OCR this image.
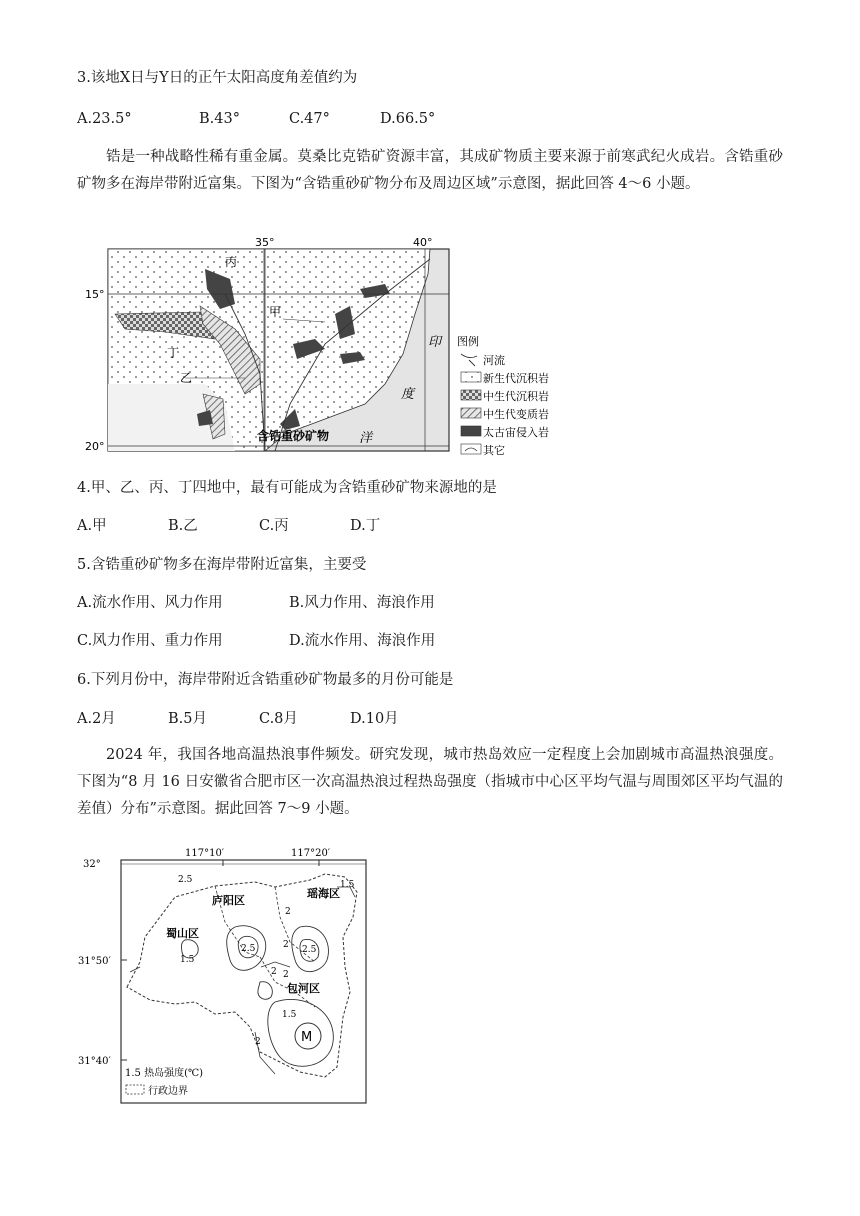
3.该地X日与Y日的正午太阳高度角差值约为
A.23.5°	B.43°	C.47°	D.66.5°
锆是一种战略性稀有重金属。莫桑比克锆矿资源丰富，其成矿物质主要来源于前寒武纪火成岩。含锆重砂矿物多在海岸带附近富集。下图为“含锆重砂矿物分布及周边区域”示意图，据此回答 4～6 小题。
35°	40°
15°
20°
丙
甲
丁
乙
印
度
洋
含锆重砂矿物
图例
河流
新生代沉积岩
中生代沉积岩
中生代变质岩
太古宙侵入岩
其它
4.甲、乙、丙、丁四地中，最有可能成为含锆重砂矿物来源地的是
A.甲	B.乙	C.丙	D.丁
5.含锆重砂矿物多在海岸带附近富集，主要受
A.流水作用、风力作用	B.风力作用、海浪作用
C.风力作用、重力作用	D.流水作用、海浪作用
6.下列月份中，海岸带附近含锆重砂矿物最多的月份可能是
A.2月	B.5月	C.8月	D.10月
2024 年，我国各地高温热浪事件频发。研究发现，城市热岛效应一定程度上会加剧城市高温热浪强度。下图为“8 月 16 日安徽省合肥市区一次高温热浪过程热岛强度（指城市中心区平均气温与周围郊区平均气温的差值）分布”示意图。据此回答 7～9 小题。
117°10′	117°20′
32°
31°50′
31°40′
庐阳区
瑶海区
蜀山区
包河区
2.5
2
1.5
1.5
2.5
2
2
2
1.5
2.5
2	M
1.5 热岛强度(℃)
行政边界
